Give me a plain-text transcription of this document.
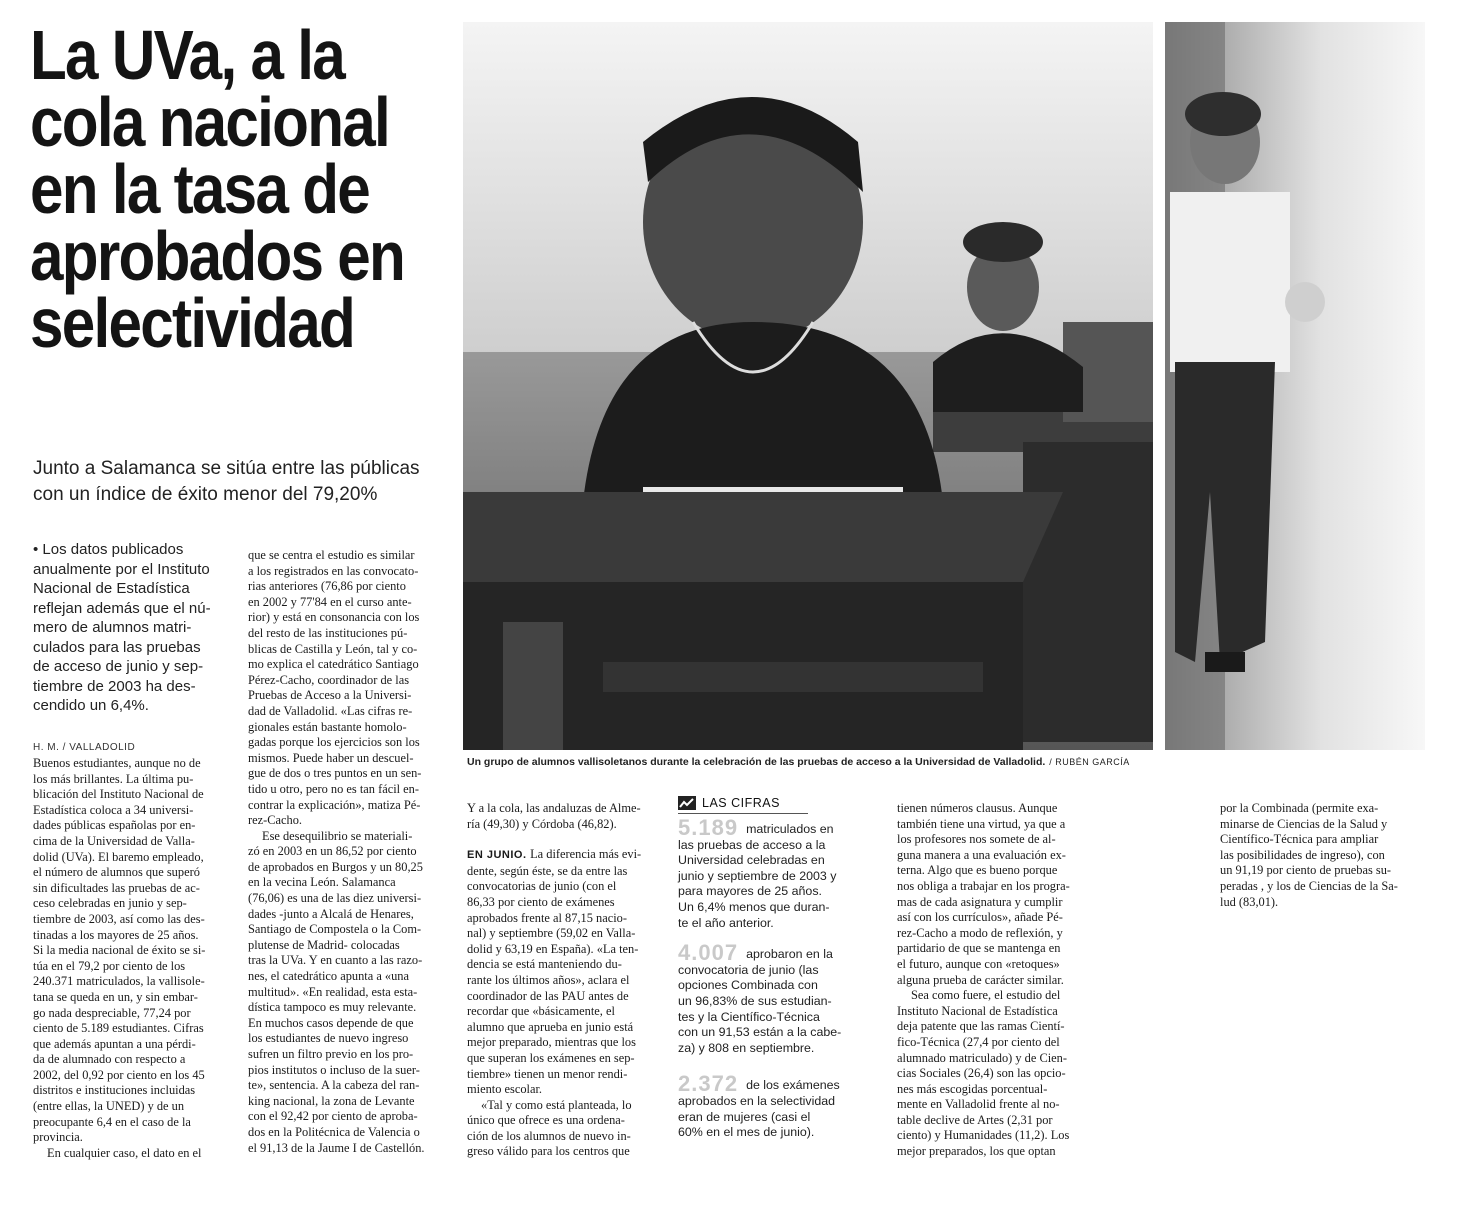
La UVa, a la
cola nacional
en la tasa de
aprobados en
selectividad
Junto a Salamanca se sitúa entre las públicas
con un índice de éxito menor del 79,20%
• Los datos publicados
anualmente por el Instituto
Nacional de Estadística
reflejan además que el nú-
mero de alumnos matri-
culados para las pruebas
de acceso de junio y sep-
tiembre de 2003 ha des-
cendido un 6,4%.
H. M. / VALLADOLID
Buenos estudiantes, aunque no de
los más brillantes. La última pu-
blicación del Instituto Nacional de
Estadística coloca a 34 universi-
dades públicas españolas por en-
cima de la Universidad de Valla-
dolid (UVa). El baremo empleado,
el número de alumnos que superó
sin dificultades las pruebas de ac-
ceso celebradas en junio y sep-
tiembre de 2003, así como las des-
tinadas a los mayores de 25 años.
Si la media nacional de éxito se si-
túa en el 79,2 por ciento de los
240.371 matriculados, la vallisole-
tana se queda en un, y sin embar-
go nada despreciable, 77,24 por
ciento de 5.189 estudiantes. Cifras
que además apuntan a una pérdi-
da de alumnado con respecto a
2002, del 0,92 por ciento en los 45
distritos e instituciones incluidas
(entre ellas, la UNED) y de un
preocupante 6,4 en el caso de la
provincia.
En cualquier caso, el dato en el
que se centra el estudio es similar
a los registrados en las convocato-
rias anteriores (76,86 por ciento
en 2002 y 77'84 en el curso ante-
rior) y está en consonancia con los
del resto de las instituciones pú-
blicas de Castilla y León, tal y co-
mo explica el catedrático Santiago
Pérez-Cacho, coordinador de las
Pruebas de Acceso a la Universi-
dad de Valladolid. «Las cifras re-
gionales están bastante homolo-
gadas porque los ejercicios son los
mismos. Puede haber un descuel-
gue de dos o tres puntos en un sen-
tido u otro, pero no es tan fácil en-
contrar la explicación», matiza Pé-
rez-Cacho.
Ese desequilibrio se materiali-
zó en 2003 en un 86,52 por ciento
de aprobados en Burgos y un 80,25
en la vecina León. Salamanca
(76,06) es una de las diez universi-
dades -junto a Alcalá de Henares,
Santiago de Compostela o la Com-
plutense de Madrid- colocadas
tras la UVa. Y en cuanto a las razo-
nes, el catedrático apunta a «una
multitud». «En realidad, esta esta-
dística tampoco es muy relevante.
En muchos casos depende de que
los estudiantes de nuevo ingreso
sufren un filtro previo en los pro-
pios institutos o incluso de la suer-
te», sentencia. A la cabeza del ran-
king nacional, la zona de Levante
con el 92,42 por ciento de aproba-
dos en la Politécnica de Valencia o
el 91,13 de la Jaume I de Castellón.
Un grupo de alumnos vallisoletanos durante la celebración de las pruebas de acceso a la Universidad de Valladolid. / RUBÉN GARCÍA
Y a la cola, las andaluzas de Alme-
ría (49,30) y Córdoba (46,82).
EN JUNIO. La diferencia más evi-
dente, según éste, se da entre las
convocatorias de junio (con el
86,33 por ciento de exámenes
aprobados frente al 87,15 nacio-
nal) y septiembre (59,02 en Valla-
dolid y 63,19 en España). «La ten-
dencia se está manteniendo du-
rante los últimos años», aclara el
coordinador de las PAU antes de
recordar que «básicamente, el
alumno que aprueba en junio está
mejor preparado, mientras que los
que superan los exámenes en sep-
tiembre» tienen un menor rendi-
miento escolar.
«Tal y como está planteada, lo
único que ofrece es una ordena-
ción de los alumnos de nuevo in-
greso válido para los centros que
LAS CIFRAS
5.189 matriculados en
las pruebas de acceso a la
Universidad celebradas en
junio y septiembre de 2003 y
para mayores de 25 años.
Un 6,4% menos que duran-
te el año anterior.
4.007 aprobaron en la
convocatoria de junio (las
opciones Combinada con
un 96,83% de sus estudian-
tes y la Científico-Técnica
con un 91,53 están a la cabe-
za) y 808 en septiembre.
2.372 de los exámenes
aprobados en la selectividad
eran de mujeres (casi el
60% en el mes de junio).
tienen números clausus. Aunque
también tiene una virtud, ya que a
los profesores nos somete de al-
guna manera a una evaluación ex-
terna. Algo que es bueno porque
nos obliga a trabajar en los progra-
mas de cada asignatura y cumplir
así con los currículos», añade Pé-
rez-Cacho a modo de reflexión, y
partidario de que se mantenga en
el futuro, aunque con «retoques»
alguna prueba de carácter similar.
Sea como fuere, el estudio del
Instituto Nacional de Estadística
deja patente que las ramas Cientí-
fico-Técnica (27,4 por ciento del
alumnado matriculado) y de Cien-
cias Sociales (26,4) son las opcio-
nes más escogidas porcentual-
mente en Valladolid frente al no-
table declive de Artes (2,31 por
ciento) y Humanidades (11,2). Los
mejor preparados, los que optan
por la Combinada (permite exa-
minarse de Ciencias de la Salud y
Científico-Técnica para ampliar
las posibilidades de ingreso), con
un 91,19 por ciento de pruebas su-
peradas , y los de Ciencias de la Sa-
lud (83,01).
